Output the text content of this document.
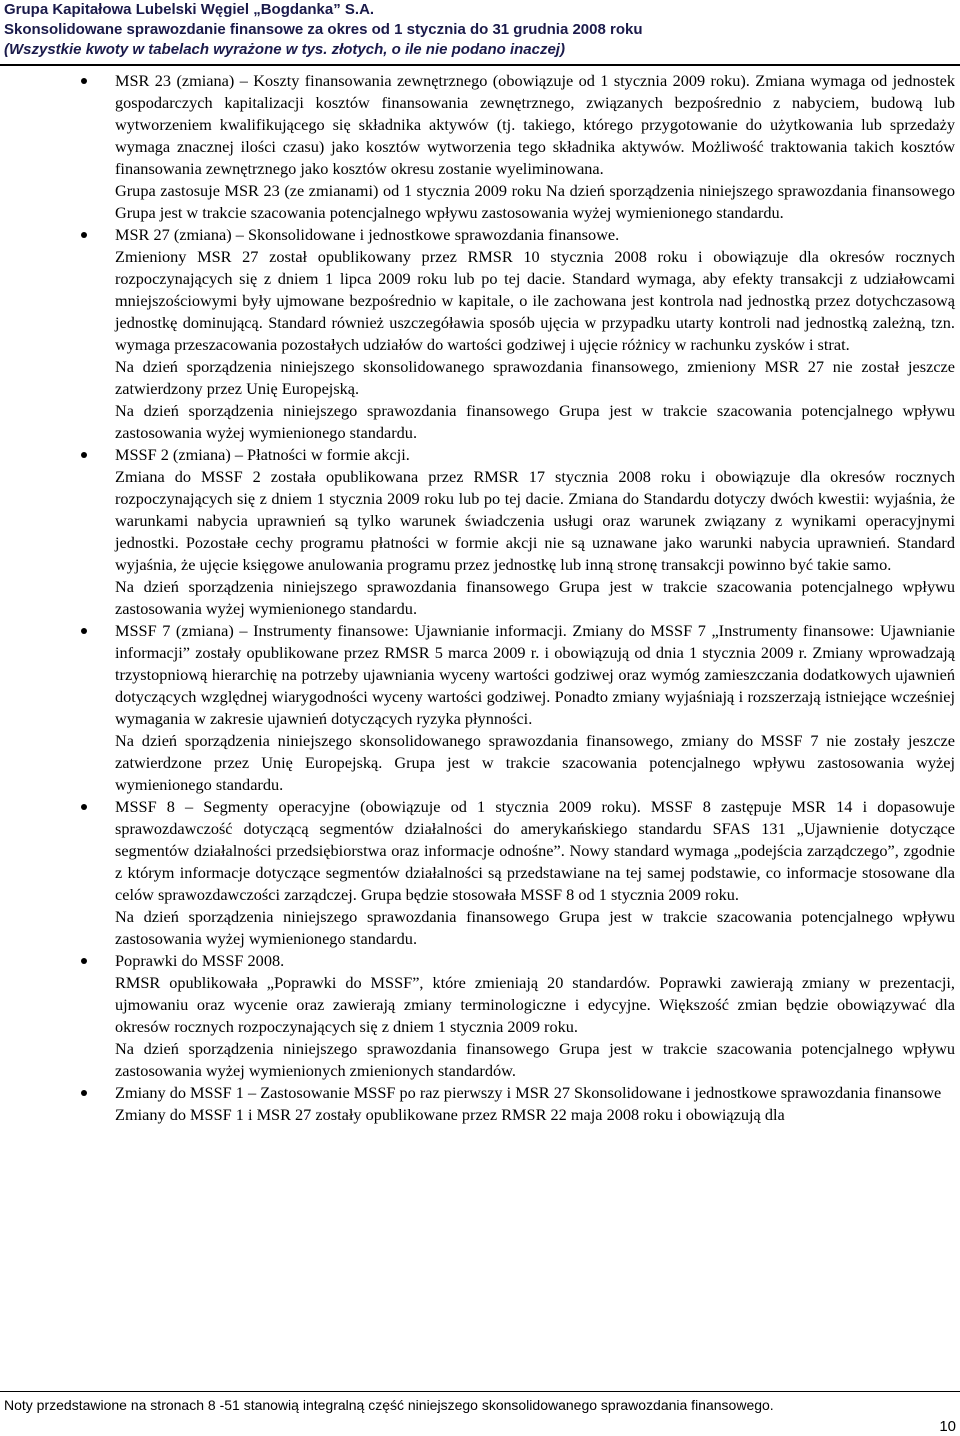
Grupa Kapitałowa Lubelski Węgiel „Bogdanka” S.A.
Skonsolidowane sprawozdanie finansowe za okres od 1 stycznia do 31 grudnia 2008 roku
(Wszystkie kwoty w tabelach wyrażone w tys. złotych, o ile nie podano inaczej)

MSR 23 (zmiana) – Koszty finansowania zewnętrznego (obowiązuje od 1 stycznia 2009 roku). Zmiana wymaga od jednostek gospodarczych kapitalizacji kosztów finansowania zewnętrznego, związanych bezpośrednio z nabyciem, budową lub wytworzeniem kwalifikującego się składnika aktywów (tj. takiego, którego przygotowanie do użytkowania lub sprzedaży wymaga znacznej ilości czasu) jako kosztów wytworzenia tego składnika aktywów. Możliwość traktowania takich kosztów finansowania zewnętrznego jako kosztów okresu zostanie wyeliminowana.

Grupa zastosuje MSR 23 (ze zmianami) od 1 stycznia 2009 roku Na dzień sporządzenia niniejszego sprawozdania finansowego Grupa jest w trakcie szacowania potencjalnego wpływu zastosowania wyżej wymienionego standardu.

MSR 27 (zmiana) – Skonsolidowane i jednostkowe sprawozdania finansowe.

Zmieniony MSR 27 został opublikowany przez RMSR 10 stycznia 2008 roku i obowiązuje dla okresów rocznych rozpoczynających się z dniem 1 lipca 2009 roku lub po tej dacie. Standard wymaga, aby efekty transakcji z udziałowcami mniejszościowymi były ujmowane bezpośrednio w kapitale, o ile zachowana jest kontrola nad jednostką przez dotychczasową jednostkę dominującą. Standard również uszczegóławia sposób ujęcia w przypadku utarty kontroli nad jednostką zależną, tzn. wymaga przeszacowania pozostałych udziałów do wartości godziwej i ujęcie różnicy w rachunku zysków i strat.

Na dzień sporządzenia niniejszego skonsolidowanego sprawozdania finansowego, zmieniony MSR 27 nie został jeszcze zatwierdzony przez Unię Europejską.

Na dzień sporządzenia niniejszego sprawozdania finansowego Grupa jest w trakcie szacowania potencjalnego wpływu zastosowania wyżej wymienionego standardu.

MSSF 2 (zmiana) – Płatności w formie akcji.

Zmiana do MSSF 2 została opublikowana przez RMSR 17 stycznia 2008 roku i obowiązuje dla okresów rocznych rozpoczynających się z dniem 1 stycznia 2009 roku lub po tej dacie. Zmiana do Standardu dotyczy dwóch kwestii: wyjaśnia, że warunkami nabycia uprawnień są tylko warunek świadczenia usługi oraz warunek związany z wynikami operacyjnymi jednostki. Pozostałe cechy programu płatności w formie akcji nie są uznawane jako warunki nabycia uprawnień. Standard wyjaśnia, że ujęcie księgowe anulowania programu przez jednostkę lub inną stronę transakcji powinno być takie samo.

Na dzień sporządzenia niniejszego sprawozdania finansowego Grupa jest w trakcie szacowania potencjalnego wpływu zastosowania wyżej wymienionego standardu.

MSSF 7 (zmiana) – Instrumenty finansowe: Ujawnianie informacji. Zmiany do MSSF 7 „Instrumenty finansowe: Ujawnianie informacji” zostały opublikowane przez RMSR 5 marca 2009 r. i obowiązują od dnia 1 stycznia 2009 r. Zmiany wprowadzają trzystopniową hierarchię na potrzeby ujawniania wyceny wartości godziwej oraz wymóg zamieszczania dodatkowych ujawnień dotyczących względnej wiarygodności wyceny wartości godziwej. Ponadto zmiany wyjaśniają i rozszerzają istniejące wcześniej wymagania w zakresie ujawnień dotyczących ryzyka płynności.

Na dzień sporządzenia niniejszego skonsolidowanego sprawozdania finansowego, zmiany do MSSF 7 nie zostały jeszcze zatwierdzone przez Unię Europejską. Grupa jest w trakcie szacowania potencjalnego wpływu zastosowania wyżej wymienionego standardu.

MSSF 8 – Segmenty operacyjne (obowiązuje od 1 stycznia 2009 roku). MSSF 8 zastępuje MSR 14 i dopasowuje sprawozdawczość dotyczącą segmentów działalności do amerykańskiego standardu SFAS 131 „Ujawnienie dotyczące segmentów działalności przedsiębiorstwa oraz informacje odnośne”. Nowy standard wymaga „podejścia zarządczego”, zgodnie z którym informacje dotyczące segmentów działalności są przedstawiane na tej samej podstawie, co informacje stosowane dla celów sprawozdawczości zarządczej. Grupa będzie stosowała MSSF 8 od 1 stycznia 2009 roku.

Na dzień sporządzenia niniejszego sprawozdania finansowego Grupa jest w trakcie szacowania potencjalnego wpływu zastosowania wyżej wymienionego standardu.

Poprawki do MSSF 2008.

RMSR opublikowała „Poprawki do MSSF”, które zmieniają 20 standardów. Poprawki zawierają zmiany w prezentacji, ujmowaniu oraz wycenie oraz zawierają zmiany terminologiczne i edycyjne. Większość zmian będzie obowiązywać dla okresów rocznych rozpoczynających się z dniem 1 stycznia 2009 roku.

Na dzień sporządzenia niniejszego sprawozdania finansowego Grupa jest w trakcie szacowania potencjalnego wpływu zastosowania wyżej wymienionych zmienionych standardów.

Zmiany do MSSF 1 – Zastosowanie MSSF po raz pierwszy i MSR 27 Skonsolidowane i jednostkowe sprawozdania finansowe

Zmiany do MSSF 1 i MSR 27 zostały opublikowane przez RMSR 22 maja 2008 roku i obowiązują dla

Noty przedstawione na stronach 8 -51 stanowią integralną część niniejszego skonsolidowanego sprawozdania finansowego.
10
